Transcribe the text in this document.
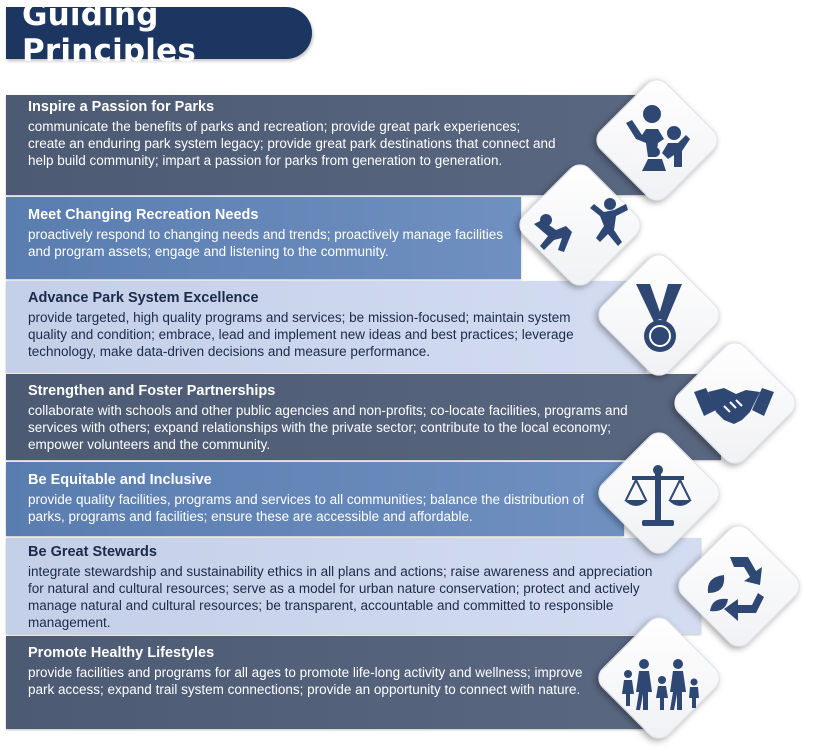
Guiding Principles
Inspire a Passion for Parks

communicate the benefits of parks and recreation; provide great park experiences; create an enduring park system legacy; provide great park destinations that connect and help build community; impart a passion for parks from generation to generation.

Meet Changing Recreation Needs

proactively respond to changing needs and trends; proactively manage facilities and program assets; engage and listening to the community.

Advance Park System Excellence

provide targeted, high quality programs and services; be mission-focused; maintain system quality and condition; embrace, lead and implement new ideas and best practices; leverage technology, make data-driven decisions and measure performance.

Strengthen and Foster Partnerships

collaborate with schools and other public agencies and non-profits; co-locate facilities, programs and services with others; expand relationships with the private sector; contribute to the local economy; empower volunteers and the community.

Be Equitable and Inclusive

provide quality facilities, programs and services to all communities; balance the distribution of parks, programs and facilities; ensure these are accessible and affordable.

Be Great Stewards

integrate stewardship and sustainability ethics in all plans and actions; raise awareness and appreciation for natural and cultural resources; serve as a model for urban nature conservation; protect and actively manage natural and cultural resources; be transparent, accountable and committed to responsible management.

Promote Healthy Lifestyles

provide facilities and programs for all ages to promote life-long activity and wellness; improve park access; expand trail system connections; provide an opportunity to connect with nature.
